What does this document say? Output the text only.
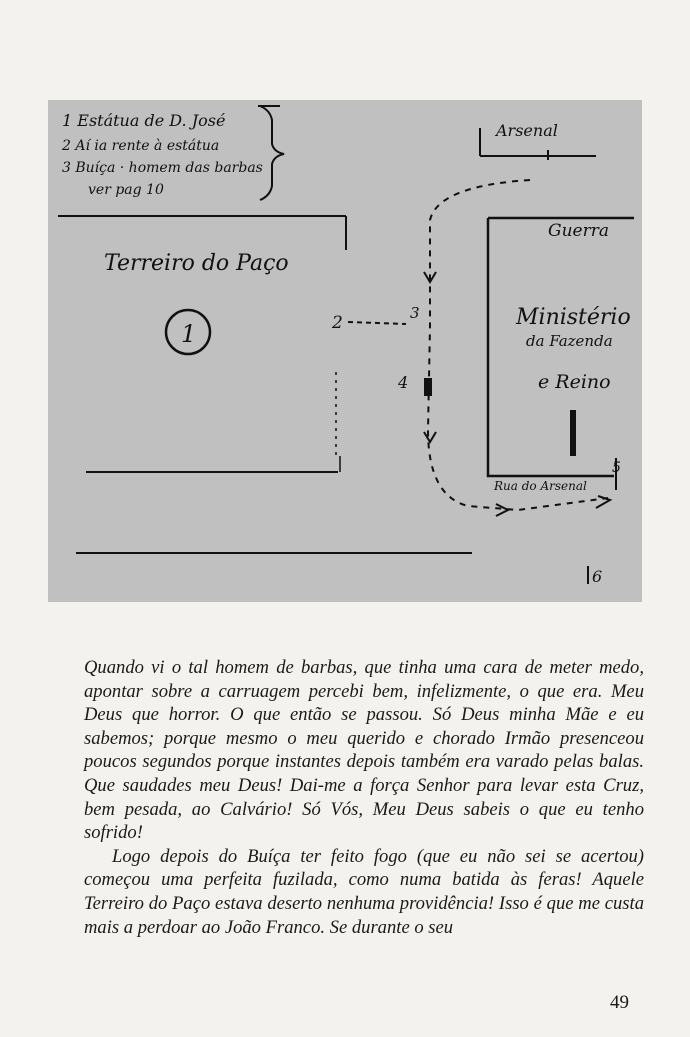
1 Estátua de D. José
2 Aí ia rente à estátua
3 Buíça · homem das barbas
ver pag 10
Terreiro do Paço
1
Arsenal
Guerra
Ministério
da Fazenda
e Reino
Rua do Arsenal
5
2	3
4
6

Quando vi o tal homem de barbas, que tinha uma cara de meter medo, apontar sobre a carruagem percebi bem, infelizmente, o que era. Meu Deus que horror. O que então se passou. Só Deus minha Mãe e eu sabemos; porque mesmo o meu querido e chorado Irmão presenceou poucos segundos porque instantes depois também era varado pelas balas. Que saudades meu Deus! Dai-me a força Senhor para levar esta Cruz, bem pesada, ao Calvário! Só Vós, Meu Deus sabeis o que eu tenho sofrido!

Logo depois do Buíça ter feito fogo (que eu não sei se acertou) começou uma perfeita fuzilada, como numa batida às feras! Aquele Terreiro do Paço estava deserto nenhuma providência! Isso é que me custa mais a perdoar ao João Franco. Se durante o seu

49
